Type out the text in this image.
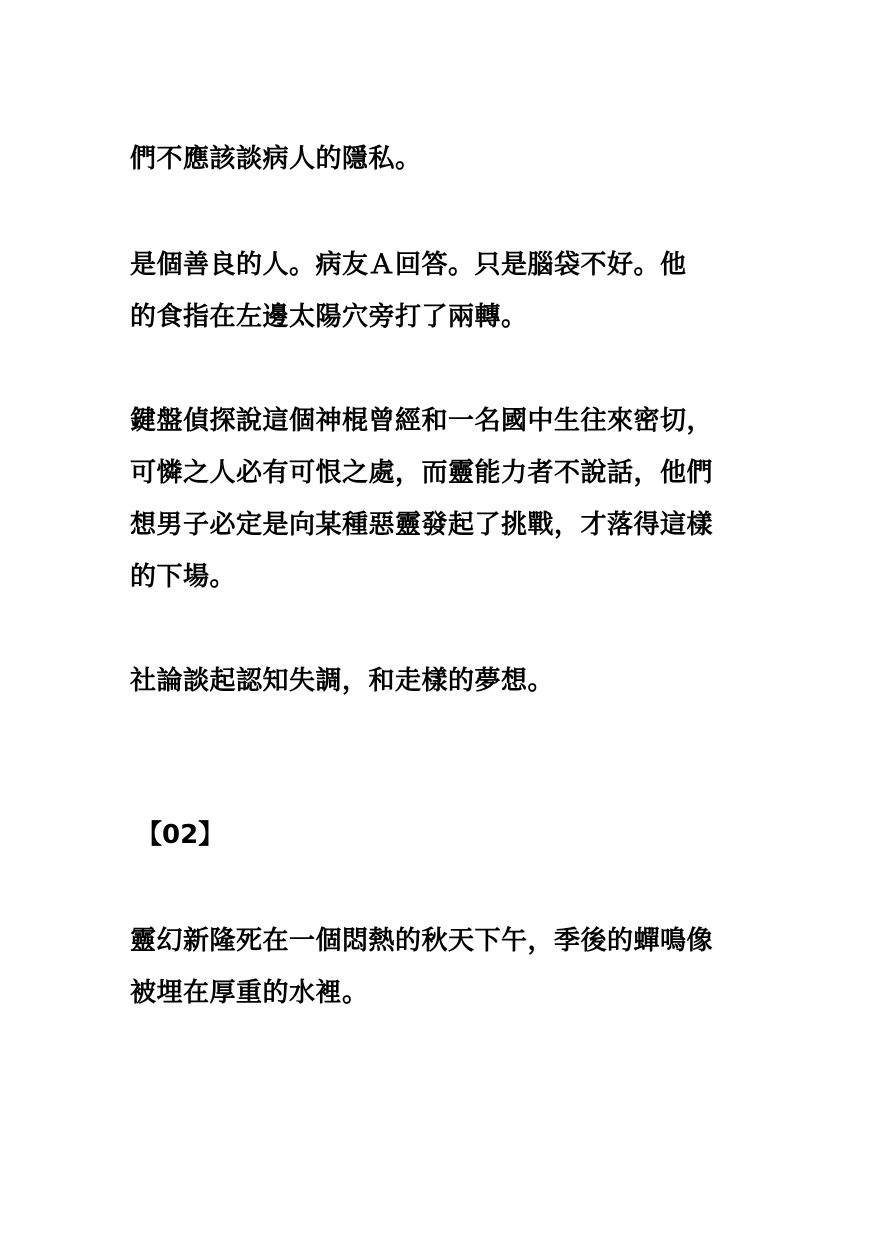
們不應該談病人的隱私。
是個善良的人。病友Ａ回答。只是腦袋不好。他
的食指在左邊太陽穴旁打了兩轉。
鍵盤偵探說這個神棍曾經和一名國中生往來密切，
可憐之人必有可恨之處，而靈能力者不說話，他們
想男子必定是向某種惡靈發起了挑戰，才落得這樣
的下場。
社論談起認知失調，和走樣的夢想。
【02】
靈幻新隆死在一個悶熱的秋天下午，季後的蟬鳴像
被埋在厚重的水裡。
